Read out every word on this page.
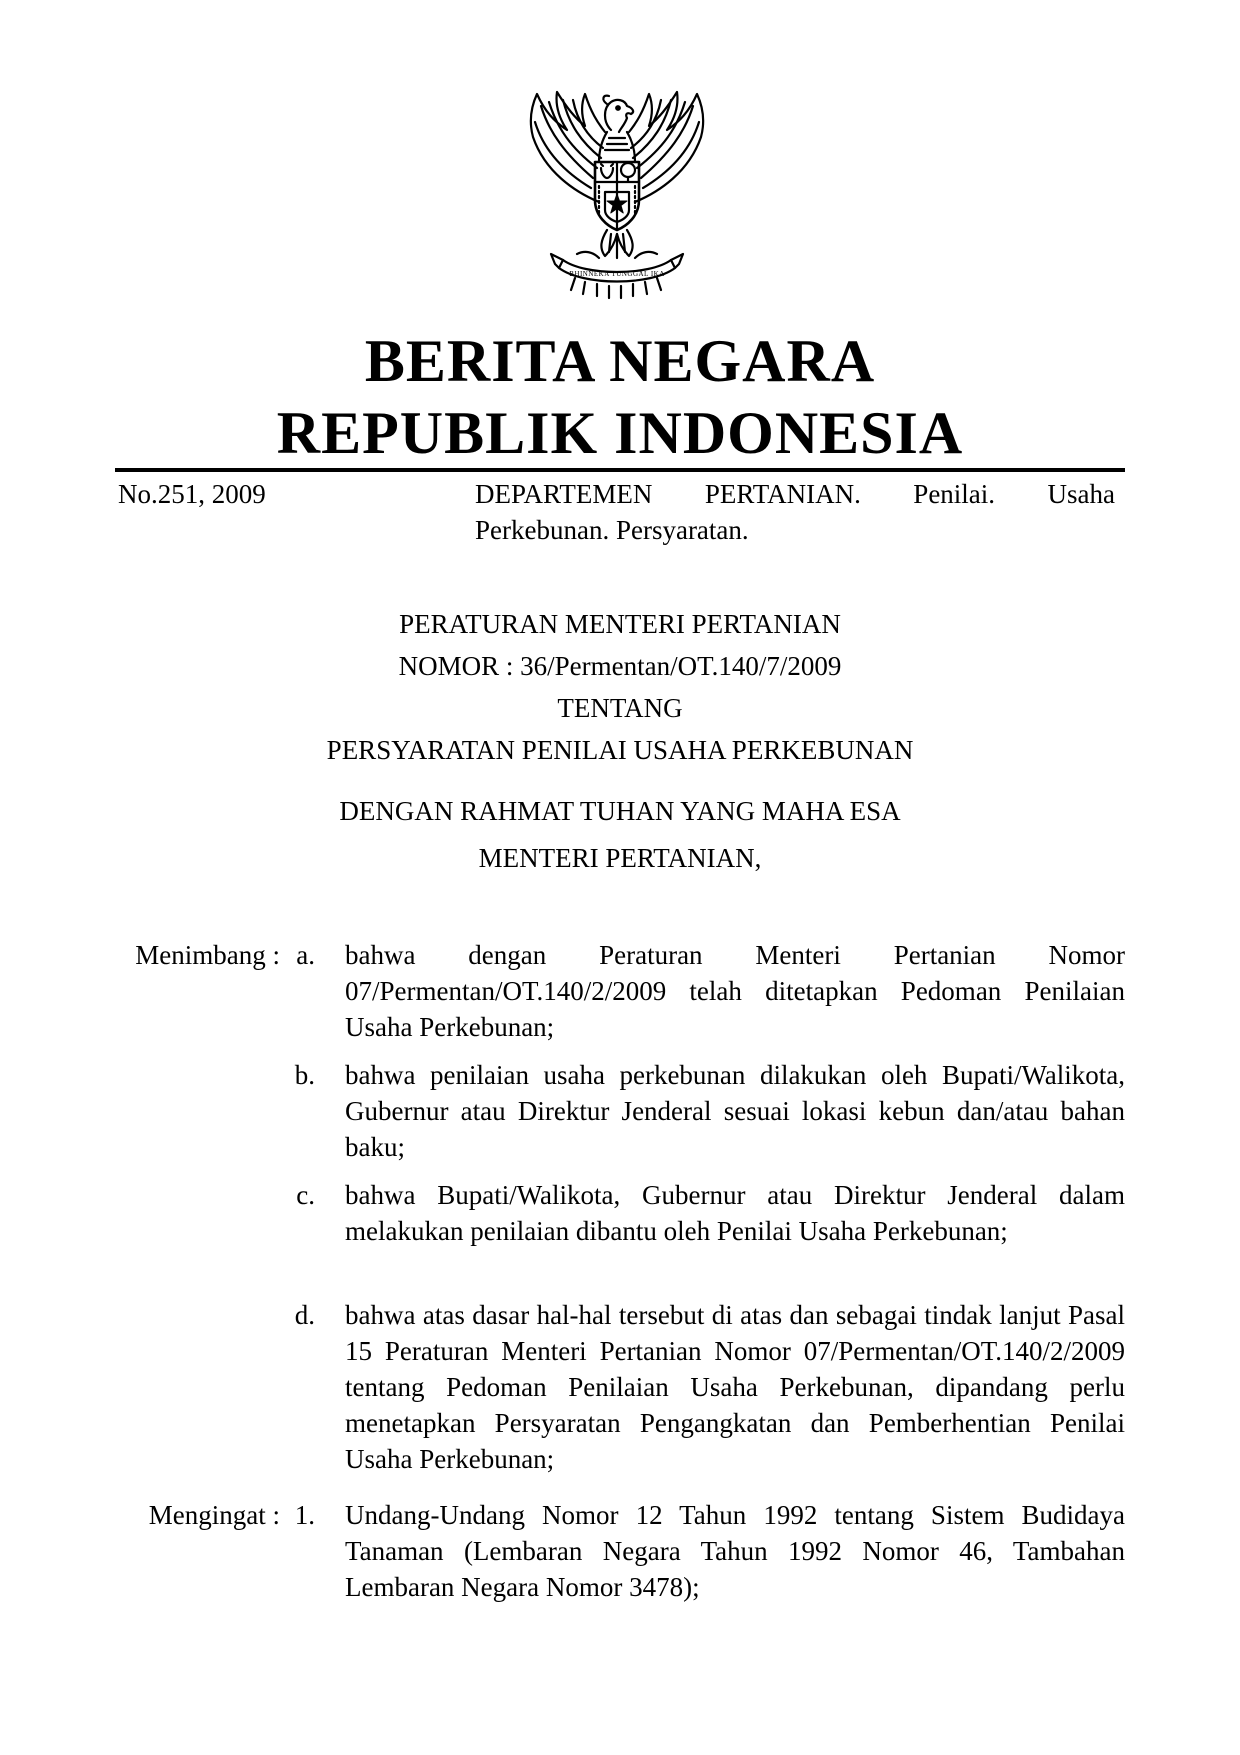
BHINNEKA TUNGGAL IKA
BERITA NEGARA
REPUBLIK INDONESIA
No.251, 2009	DEPARTEMEN PERTANIAN. Penilai. Usaha
Perkebunan. Persyaratan.
PERATURAN MENTERI PERTANIAN
NOMOR : 36/Permentan/OT.140/7/2009
TENTANG
PERSYARATAN PENILAI USAHA PERKEBUNAN
DENGAN RAHMAT TUHAN YANG MAHA ESA
MENTERI PERTANIAN,
Menimbang : a. bahwa dengan Peraturan Menteri Pertanian Nomor 07/Permentan/OT.140/2/2009 telah ditetapkan Pedoman Penilaian Usaha Perkebunan;
b. bahwa penilaian usaha perkebunan dilakukan oleh Bupati/Walikota, Gubernur atau Direktur Jenderal sesuai lokasi kebun dan/atau bahan baku;
c. bahwa Bupati/Walikota, Gubernur atau Direktur Jenderal dalam melakukan penilaian dibantu oleh Penilai Usaha Perkebunan;
d. bahwa atas dasar hal-hal tersebut di atas dan sebagai tindak lanjut Pasal 15 Peraturan Menteri Pertanian Nomor 07/Permentan/OT.140/2/2009 tentang Pedoman Penilaian Usaha Perkebunan, dipandang perlu menetapkan Persyaratan Pengangkatan dan Pemberhentian Penilai Usaha Perkebunan;
Mengingat : 1. Undang-Undang Nomor 12 Tahun 1992 tentang Sistem Budidaya Tanaman (Lembaran Negara Tahun 1992 Nomor 46, Tambahan Lembaran Negara Nomor 3478);
